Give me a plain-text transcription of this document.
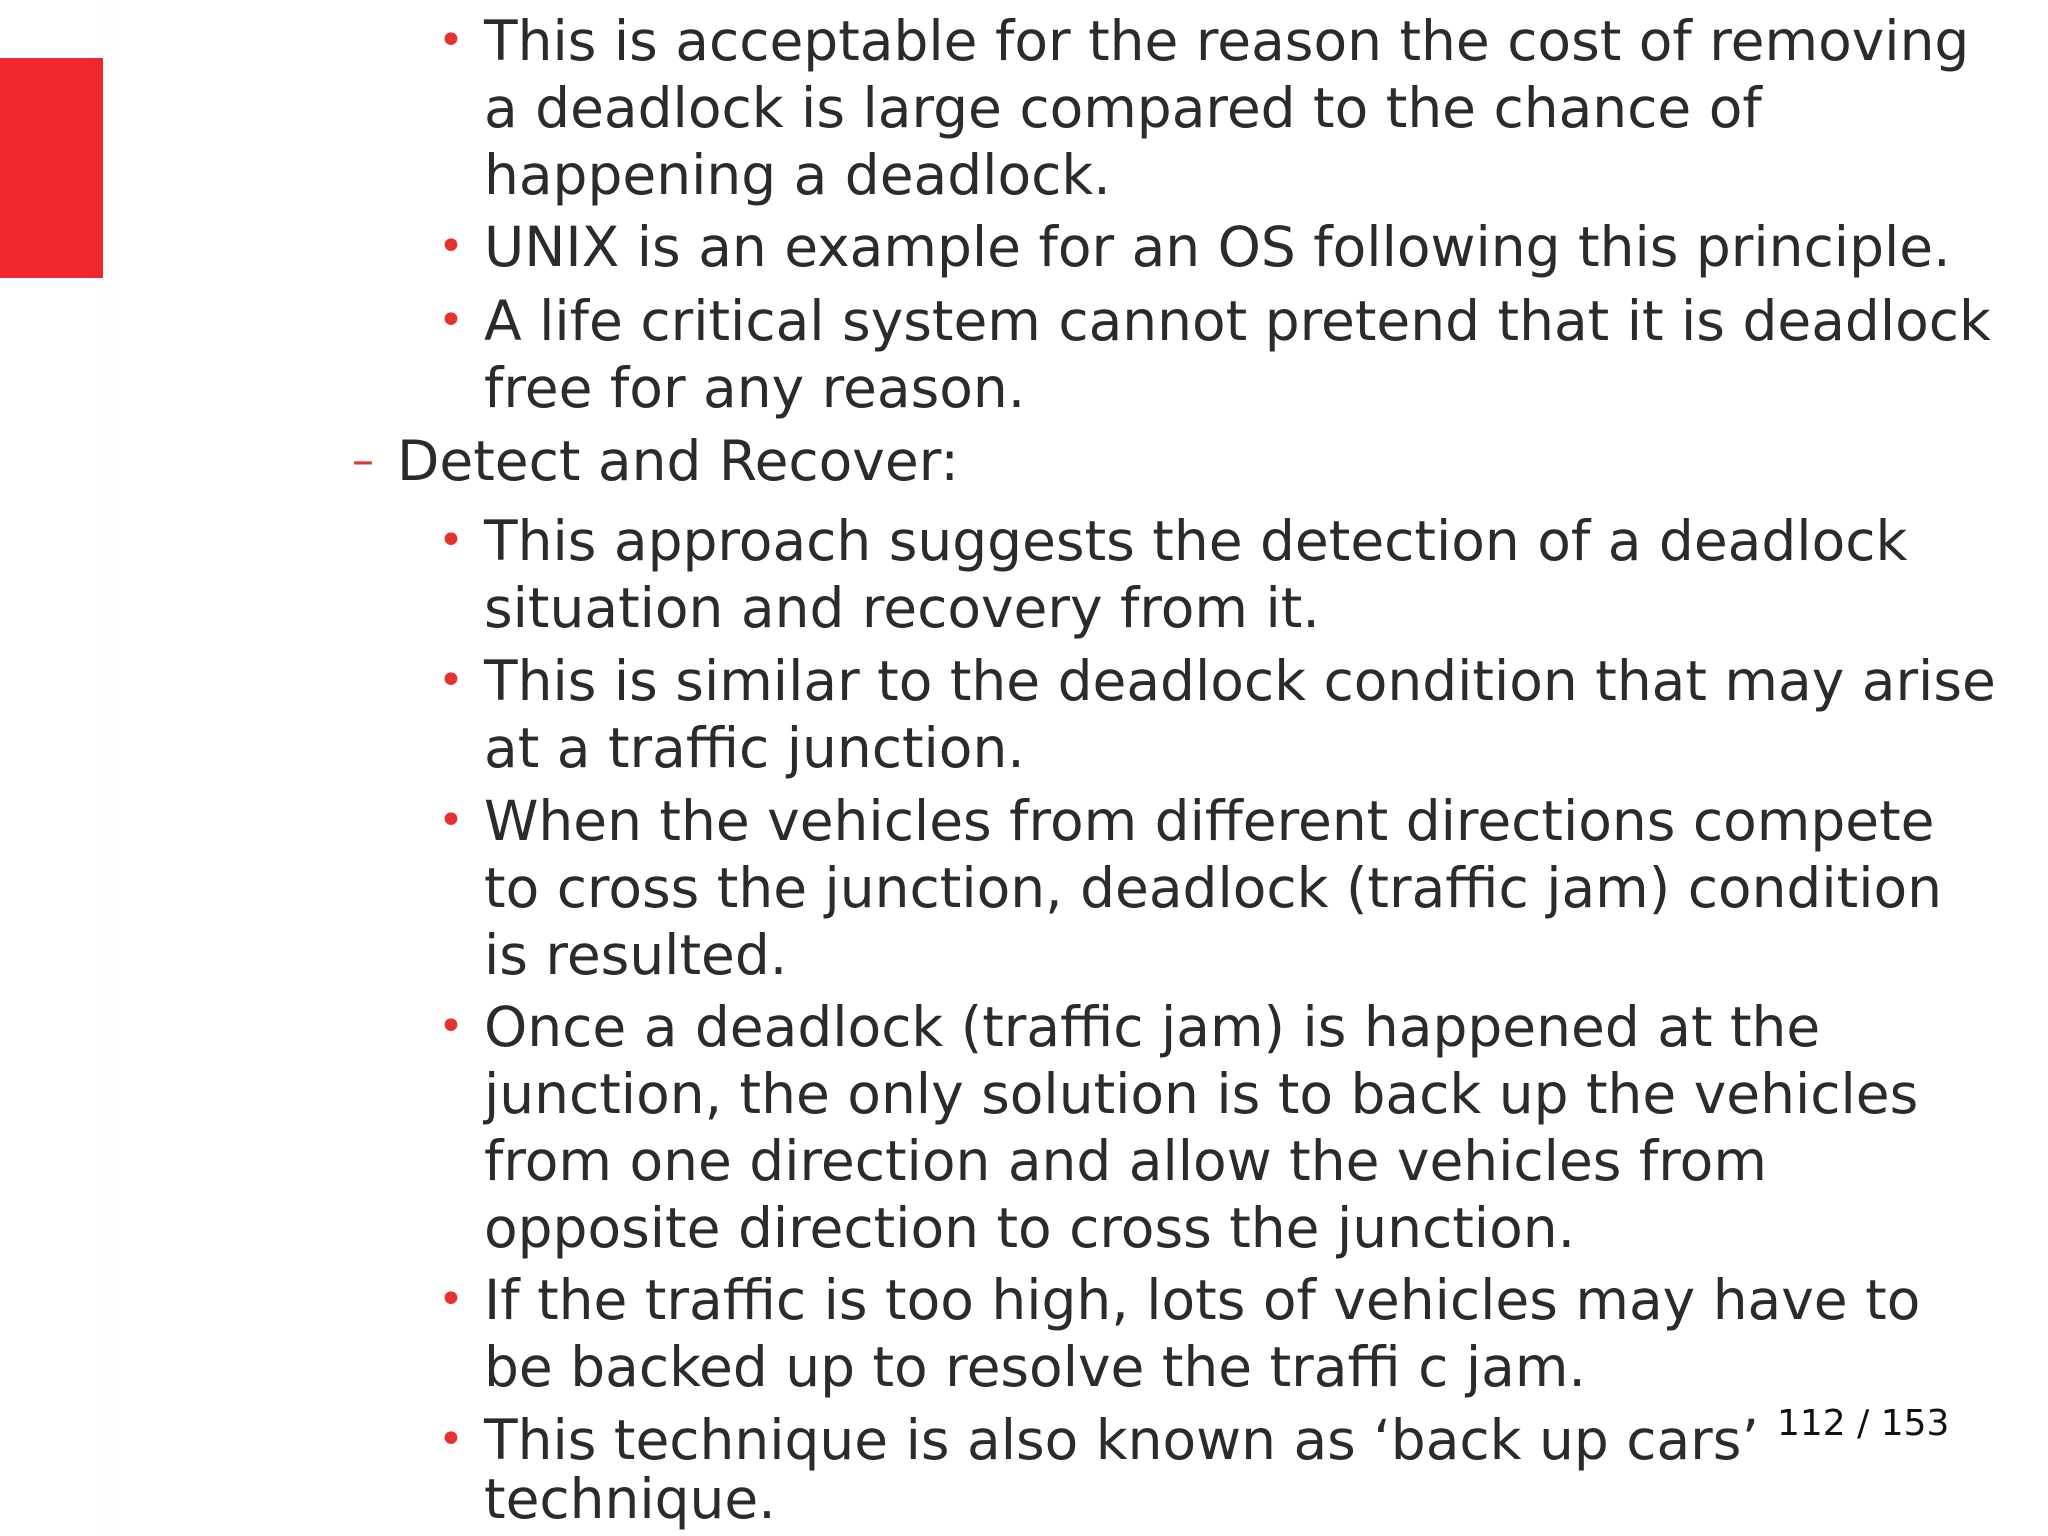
• This is acceptable for the reason the cost of removing
a deadlock is large compared to the chance of
happening a deadlock.
• UNIX is an example for an OS following this principle.
• A life critical system cannot pretend that it is deadlock
free for any reason.
– Detect and Recover:
• This approach suggests the detection of a deadlock
situation and recovery from it.
• This is similar to the deadlock condition that may arise
at a traffic junction.
• When the vehicles from different directions compete
to cross the junction, deadlock (traffic jam) condition
is resulted.
• Once a deadlock (traffic jam) is happened at the
junction, the only solution is to back up the vehicles
from one direction and allow the vehicles from
opposite direction to cross the junction.
• If the traffic is too high, lots of vehicles may have to
be backed up to resolve the traffi c jam.
• This technique is also known as ‘back up cars’
technique.
112 / 153
